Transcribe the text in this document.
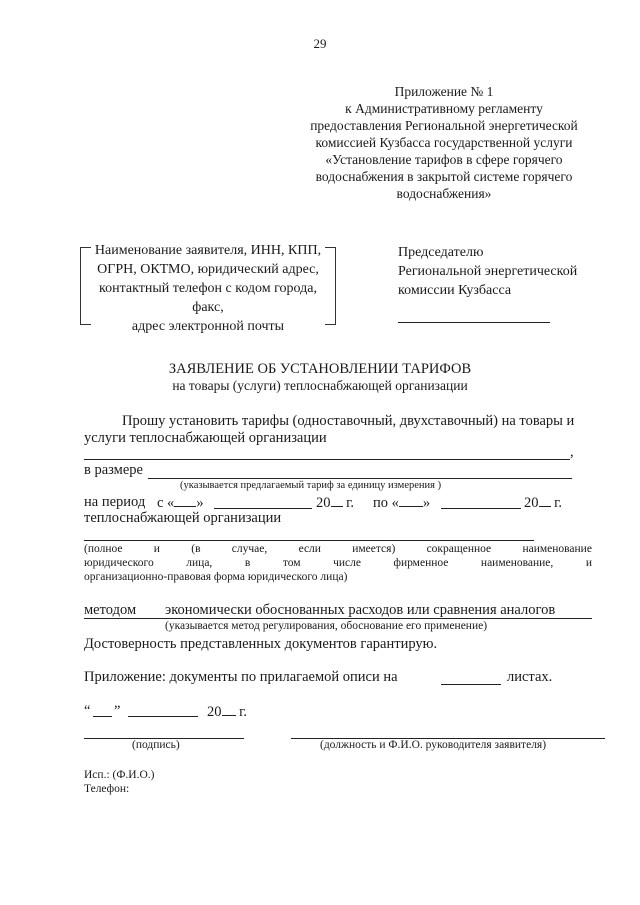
29
Приложение № 1
к Административному регламенту
предоставления Региональной энергетической
комиссией Кузбасса государственной услуги
«Установление тарифов в сфере горячего
водоснабжения в закрытой системе горячего
водоснабжения»
Наименование заявителя, ИНН, КПП,
ОГРН, ОКТМО, юридический адрес,
контактный телефон с кодом города,
факс,
адрес электронной почты
Председателю
Региональной энергетической
комиссии Кузбасса
ЗАЯВЛЕНИЕ ОБ УСТАНОВЛЕНИИ ТАРИФОВ
на товары (услуги) теплоснабжающей организации
Прошу установить тарифы (одноставочный, двухставочный) на товары и
услуги теплоснабжающей организации
,
в размере
(указывается предлагаемый тариф за единицу измерения )
на период с « »	20 г. по « »	20 г.
теплоснабжающей организации
(полное	и	(в	случае,	если	имеется)	сокращенное	наименование
юридического	лица,	в	том	числе	фирменное	наименование,	и
организационно-правовая форма юридического лица)
методом экономически обоснованных расходов или сравнения аналогов
(указывается метод регулирования, обоснование его применение)
Достоверность представленных документов гарантирую.
Приложение: документы по прилагаемой описи на	листах.
“ ”	20 г.
(подпись)	(должность и Ф.И.О. руководителя заявителя)
Исп.: (Ф.И.О.)
Телефон:
